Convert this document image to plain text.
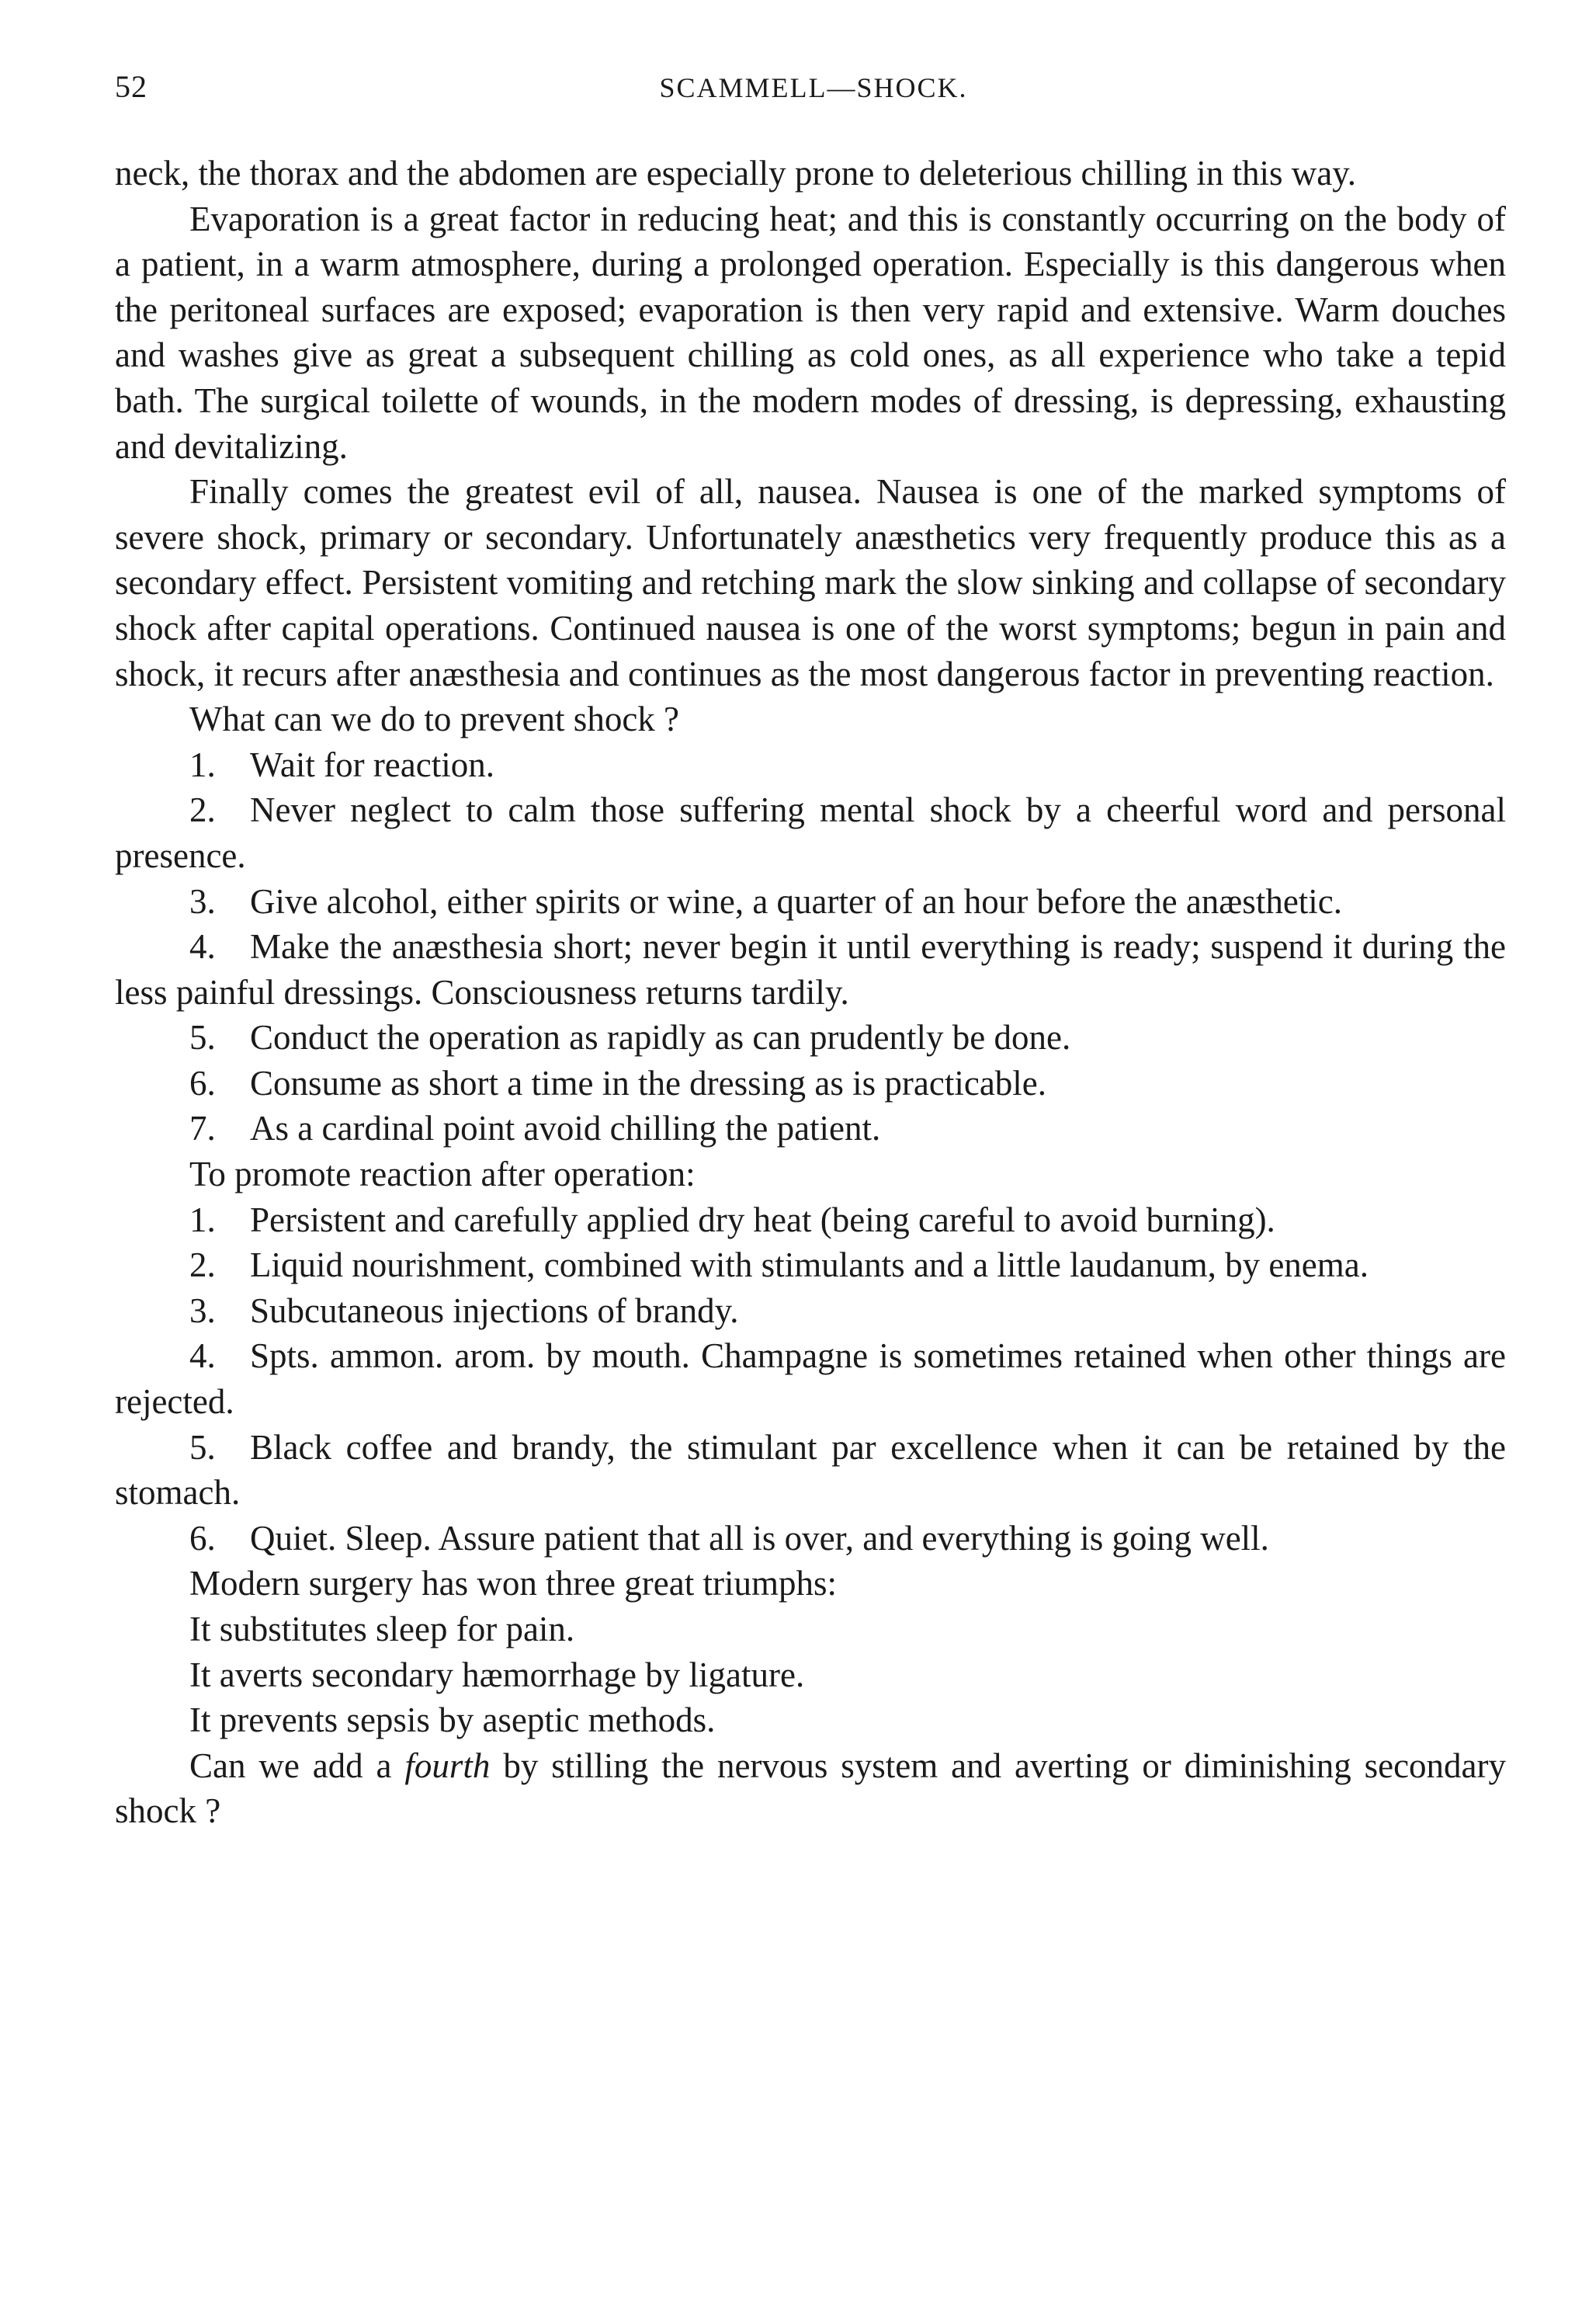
52	SCAMMELL—SHOCK.

neck, the thorax and the abdomen are especially prone to deleterious chilling in this way.

Evaporation is a great factor in reducing heat; and this is constantly occurring on the body of a patient, in a warm atmosphere, during a prolonged operation. Especially is this dangerous when the peritoneal surfaces are exposed; evaporation is then very rapid and extensive. Warm douches and washes give as great a subsequent chilling as cold ones, as all experience who take a tepid bath. The surgical toilette of wounds, in the modern modes of dressing, is depressing, exhausting and devitalizing.

Finally comes the greatest evil of all, nausea. Nausea is one of the marked symptoms of severe shock, primary or secondary. Unfortunately anæsthetics very frequently produce this as a secondary effect. Persistent vomiting and retching mark the slow sinking and collapse of secondary shock after capital operations. Continued nausea is one of the worst symptoms; begun in pain and shock, it recurs after anæsthesia and continues as the most dangerous factor in preventing reaction.

What can we do to prevent shock ?

1. Wait for reaction.

2. Never neglect to calm those suffering mental shock by a cheerful word and personal presence.

3. Give alcohol, either spirits or wine, a quarter of an hour before the anæsthetic.

4. Make the anæsthesia short; never begin it until everything is ready; suspend it during the less painful dressings. Consciousness returns tardily.

5. Conduct the operation as rapidly as can prudently be done.

6. Consume as short a time in the dressing as is practicable.

7. As a cardinal point avoid chilling the patient.

To promote reaction after operation:

1. Persistent and carefully applied dry heat (being careful to avoid burning).

2. Liquid nourishment, combined with stimulants and a little laudanum, by enema.

3. Subcutaneous injections of brandy.

4. Spts. ammon. arom. by mouth. Champagne is sometimes retained when other things are rejected.

5. Black coffee and brandy, the stimulant par excellence when it can be retained by the stomach.

6. Quiet. Sleep. Assure patient that all is over, and everything is going well.

Modern surgery has won three great triumphs:

It substitutes sleep for pain.

It averts secondary hæmorrhage by ligature.

It prevents sepsis by aseptic methods.

Can we add a fourth by stilling the nervous system and averting or diminishing secondary shock ?
